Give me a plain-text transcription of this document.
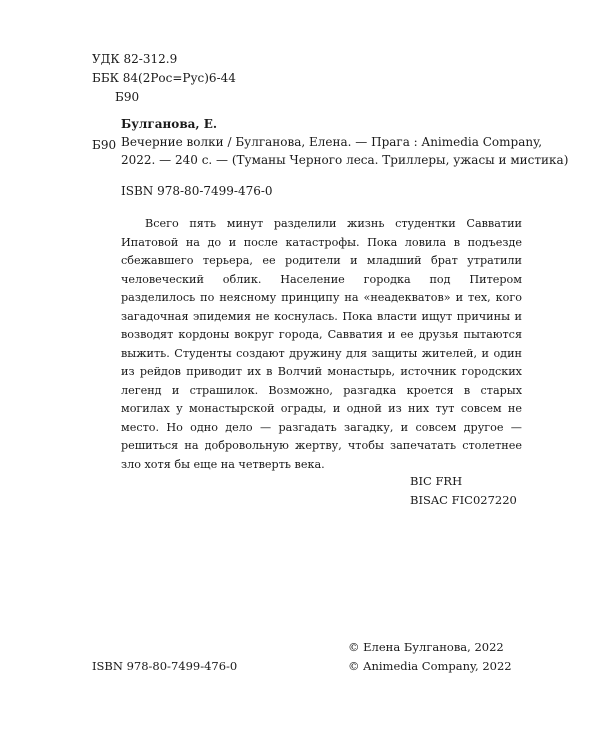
УДК 82-312.9
ББК 84(2Рос=Рус)6-44
Б90
Б90
Булганова, Е.
Вечерние волки / Булганова, Елена. — Прага : Animedia Company,
2022. — 240 с. — (Туманы Черного леса. Триллеры, ужасы и мистика)
ISBN 978-80-7499-476-0

Всего пять минут разделили жизнь студентки Савватии Ипатовой на до и после катастрофы. Пока ловила в подъезде сбежавшего терьера, ее родители и младший брат утратили человеческий облик. Население городка под Питером разделилось по неясному принципу на «неадекватов» и тех, кого загадочная эпидемия не коснулась. Пока власти ищут причины и возводят кордоны вокруг города, Савватия и ее друзья пытаются выжить. Студенты создают дружину для защиты жителей, и один из рейдов приводит их в Волчий монастырь, источник городских легенд и страшилок. Возможно, разгадка кроется в старых могилах у монастырской ограды, и одной из них тут совсем не место. Но одно дело — разгадать загадку, и совсем другое — решиться на добровольную жертву, чтобы запечатать столетнее зло хотя бы еще на четверть века.

BIC FRH
BISAC FIC027220
© Елена Булганова, 2022
© Animedia Company, 2022
ISBN 978-80-7499-476-0
